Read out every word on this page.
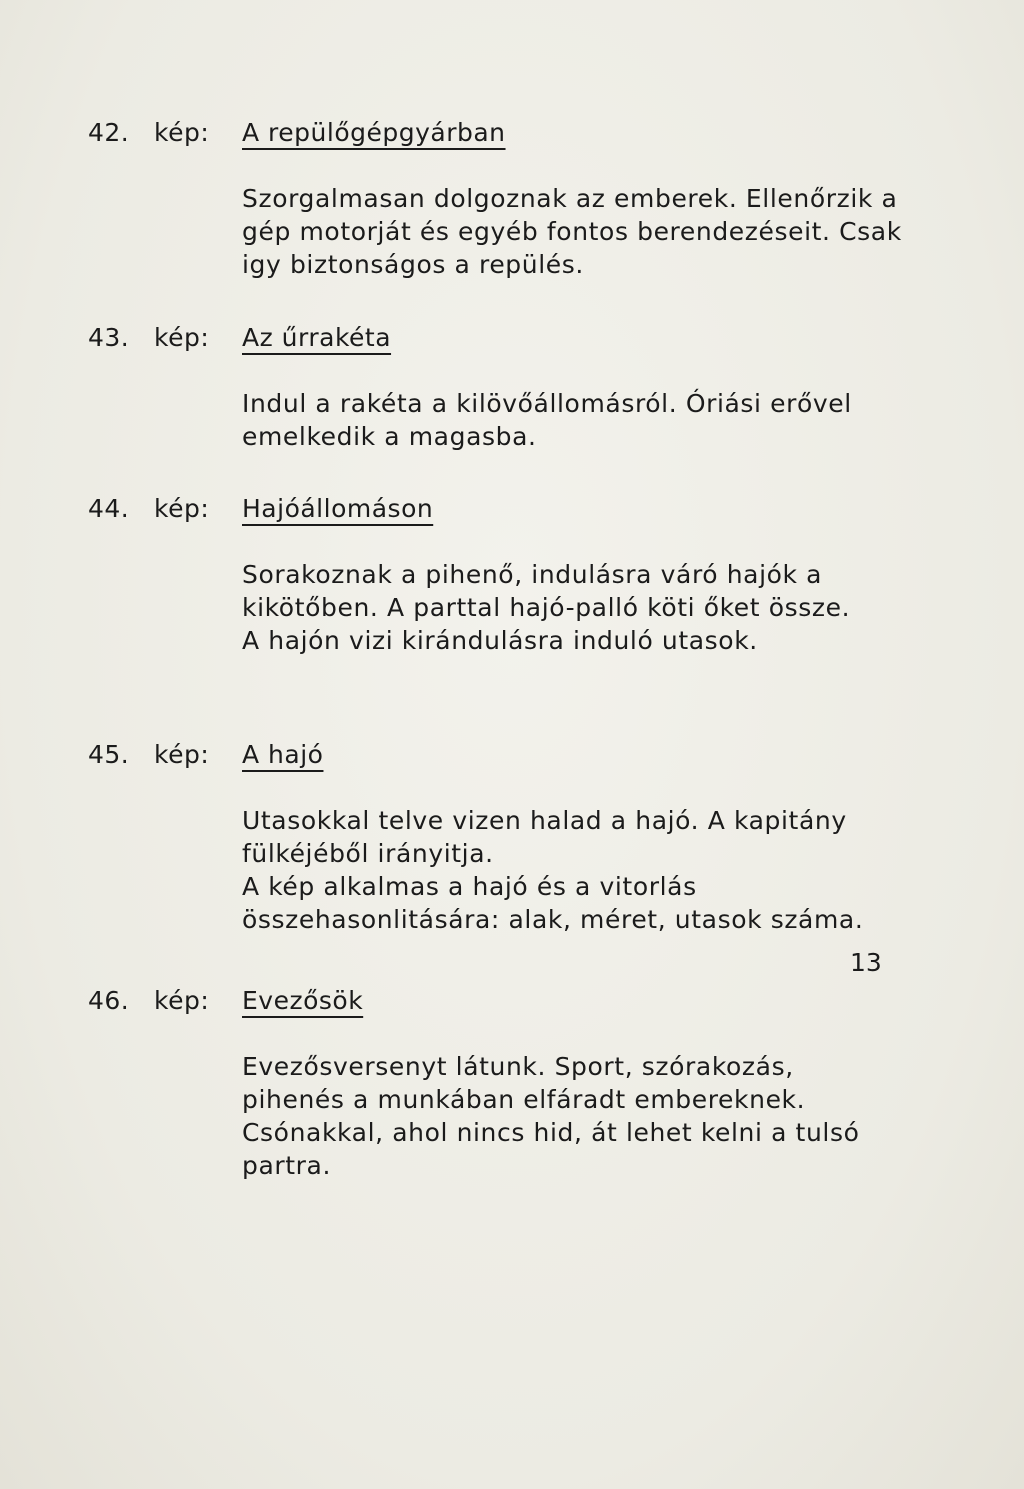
42. kép:	A repülőgépgyárban

Szorgalmasan dolgoznak az emberek. Ellenőrzik a gép motorját és egyéb fontos berendezéseit. Csak igy biztonságos a repülés.

43. kép:	Az űrrakéta

Indul a rakéta a kilövőállomásról. Óriási erővel emelkedik a magasba.

44. kép:	Hajóállomáson

Sorakoznak a pihenő, indulásra váró hajók a kikötőben. A parttal hajó-palló köti őket össze.

A hajón vizi kirándulásra induló utasok.

45. kép:	A hajó

Utasokkal telve vizen halad a hajó. A kapitány fülkéjéből irányitja.

A kép alkalmas a hajó és a vitorlás összehasonlitására: alak, méret, utasok száma.

46. kép:	Evezősök

Evezősversenyt látunk. Sport, szórakozás, pihenés a munkában elfáradt embereknek. Csónakkal, ahol nincs hid, át lehet kelni a tulsó partra.

13
